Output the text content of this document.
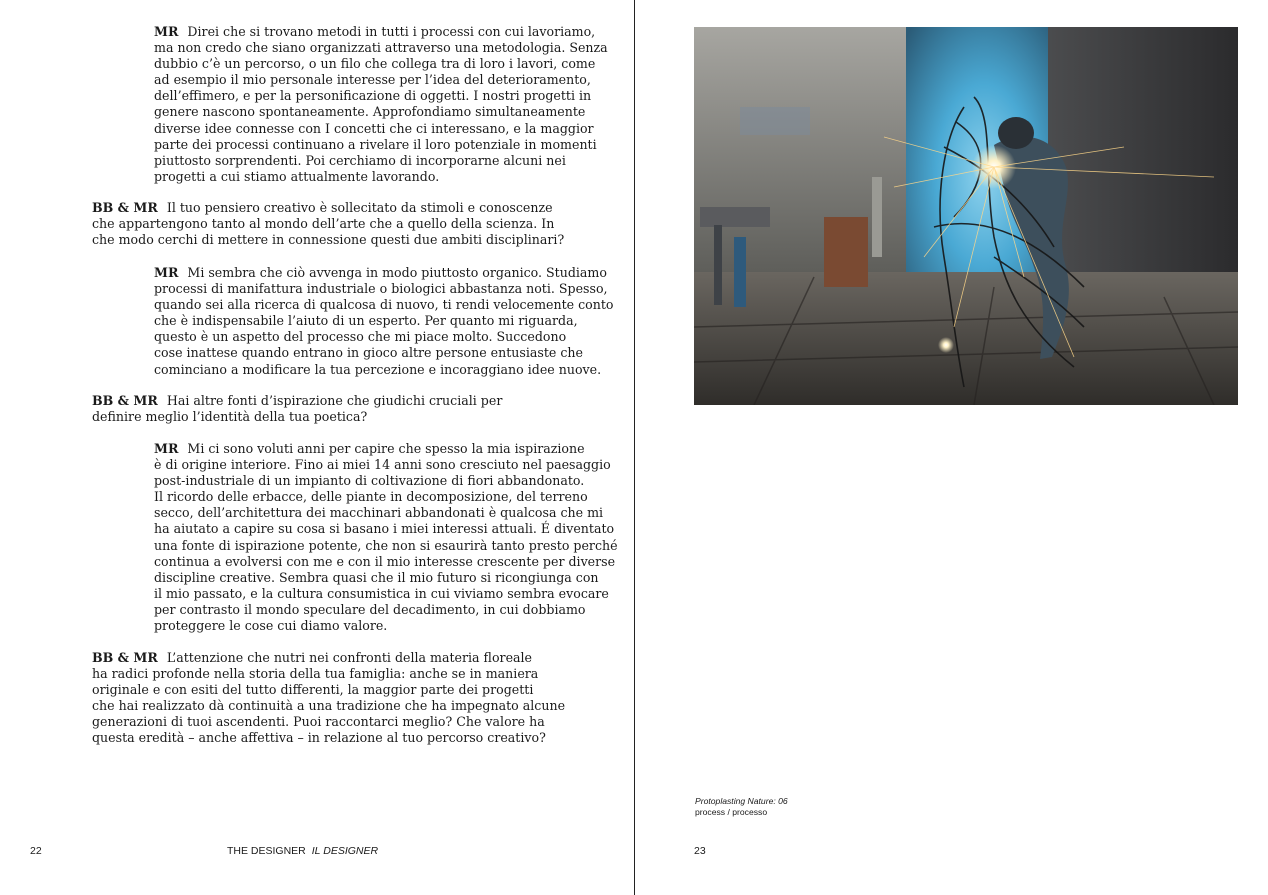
MR Direi che si trovano metodi in tutti i processi con cui lavoriamo,

ma non credo che siano organizzati attraverso una metodologia. Senza

dubbio c’è un percorso, o un filo che collega tra di loro i lavori, come

ad esempio il mio personale interesse per l’idea del deterioramento,

dell’effimero, e per la personificazione di oggetti. I nostri progetti in

genere nascono spontaneamente. Approfondiamo simultaneamente

diverse idee connesse con I concetti che ci interessano, e la maggior

parte dei processi continuano a rivelare il loro potenziale in momenti

piuttosto sorprendenti. Poi cerchiamo di incorporarne alcuni nei

progetti a cui stiamo attualmente lavorando.

BB & MR Il tuo pensiero creativo è sollecitato da stimoli e conoscenze

che appartengono tanto al mondo dell’arte che a quello della scienza. In

che modo cerchi di mettere in connessione questi due ambiti disciplinari?

MR Mi sembra che ciò avvenga in modo piuttosto organico. Studiamo

processi di manifattura industriale o biologici abbastanza noti. Spesso,

quando sei alla ricerca di qualcosa di nuovo, ti rendi velocemente conto

che è indispensabile l’aiuto di un esperto. Per quanto mi riguarda,

questo è un aspetto del processo che mi piace molto. Succedono

cose inattese quando entrano in gioco altre persone entusiaste che

cominciano a modificare la tua percezione e incoraggiano idee nuove.

BB & MR Hai altre fonti d’ispirazione che giudichi cruciali per

definire meglio l’identità della tua poetica?

MR Mi ci sono voluti anni per capire che spesso la mia ispirazione

è di origine interiore. Fino ai miei 14 anni sono cresciuto nel paesaggio

post-industriale di un impianto di coltivazione di fiori abbandonato.

Il ricordo delle erbacce, delle piante in decomposizione, del terreno

secco, dell’architettura dei macchinari abbandonati è qualcosa che mi

ha aiutato a capire su cosa si basano i miei interessi attuali. É diventato

una fonte di ispirazione potente, che non si esaurirà tanto presto perché

continua a evolversi con me e con il mio interesse crescente per diverse

discipline creative. Sembra quasi che il mio futuro si ricongiunga con

il mio passato, e la cultura consumistica in cui viviamo sembra evocare

per contrasto il mondo speculare del decadimento, in cui dobbiamo

proteggere le cose cui diamo valore.

BB & MR L’attenzione che nutri nei confronti della materia floreale

ha radici profonde nella storia della tua famiglia: anche se in maniera

originale e con esiti del tutto differenti, la maggior parte dei progetti

che hai realizzato dà continuità a una tradizione che ha impegnato alcune

generazioni di tuoi ascendenti. Puoi raccontarci meglio? Che valore ha

questa eredità – anche affettiva – in relazione al tuo percorso creativo?

22	THE DESIGNER IL DESIGNER

Protoplasting Nature: 06

process / processo

23
